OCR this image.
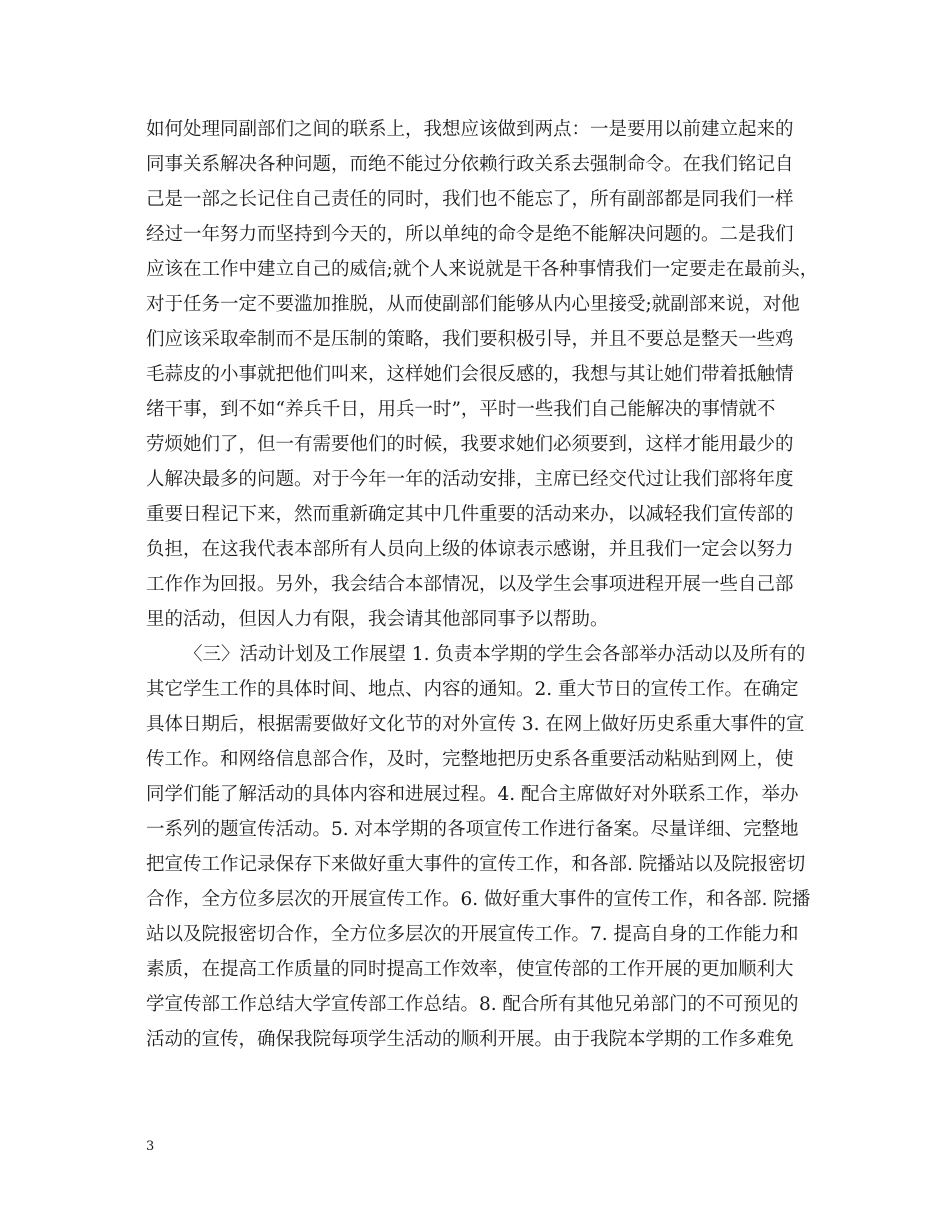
如何处理同副部们之间的联系上，我想应该做到两点：一是要用以前建立起来的
同事关系解决各种问题，而绝不能过分依赖行政关系去强制命令。在我们铭记自
己是一部之长记住自己责任的同时，我们也不能忘了，所有副部都是同我们一样
经过一年努力而坚持到今天的，所以单纯的命令是绝不能解决问题的。二是我们
应该在工作中建立自己的威信;就个人来说就是干各种事情我们一定要走在最前头，
对于任务一定不要滥加推脱，从而使副部们能够从内心里接受;就副部来说，对他
们应该采取牵制而不是压制的策略，我们要积极引导，并且不要总是整天一些鸡
毛蒜皮的小事就把他们叫来，这样她们会很反感的，我想与其让她们带着抵触情
绪干事，到不如“养兵千日，用兵一时”，平时一些我们自己能解决的事情就不
劳烦她们了，但一有需要他们的时候，我要求她们必须要到，这样才能用最少的
人解决最多的问题。对于今年一年的活动安排，主席已经交代过让我们部将年度
重要日程记下来，然而重新确定其中几件重要的活动来办，以减轻我们宣传部的
负担，在这我代表本部所有人员向上级的体谅表示感谢，并且我们一定会以努力
工作作为回报。另外，我会结合本部情况，以及学生会事项进程开展一些自己部
里的活动，但因人力有限，我会请其他部同事予以帮助。
〈三〉活动计划及工作展望 1. 负责本学期的学生会各部举办活动以及所有的
其它学生工作的具体时间、地点、内容的通知。2. 重大节日的宣传工作。在确定
具体日期后，根据需要做好文化节的对外宣传 3. 在网上做好历史系重大事件的宣
传工作。和网络信息部合作，及时，完整地把历史系各重要活动粘贴到网上，使
同学们能了解活动的具体内容和进展过程。4. 配合主席做好对外联系工作，举办
一系列的题宣传活动。5. 对本学期的各项宣传工作进行备案。尽量详细、完整地
把宣传工作记录保存下来做好重大事件的宣传工作，和各部. 院播站以及院报密切
合作，全方位多层次的开展宣传工作。6. 做好重大事件的宣传工作，和各部. 院播
站以及院报密切合作，全方位多层次的开展宣传工作。7. 提高自身的工作能力和
素质，在提高工作质量的同时提高工作效率，使宣传部的工作开展的更加顺利大
学宣传部工作总结大学宣传部工作总结。8. 配合所有其他兄弟部门的不可预见的
活动的宣传，确保我院每项学生活动的顺利开展。由于我院本学期的工作多难免
3
